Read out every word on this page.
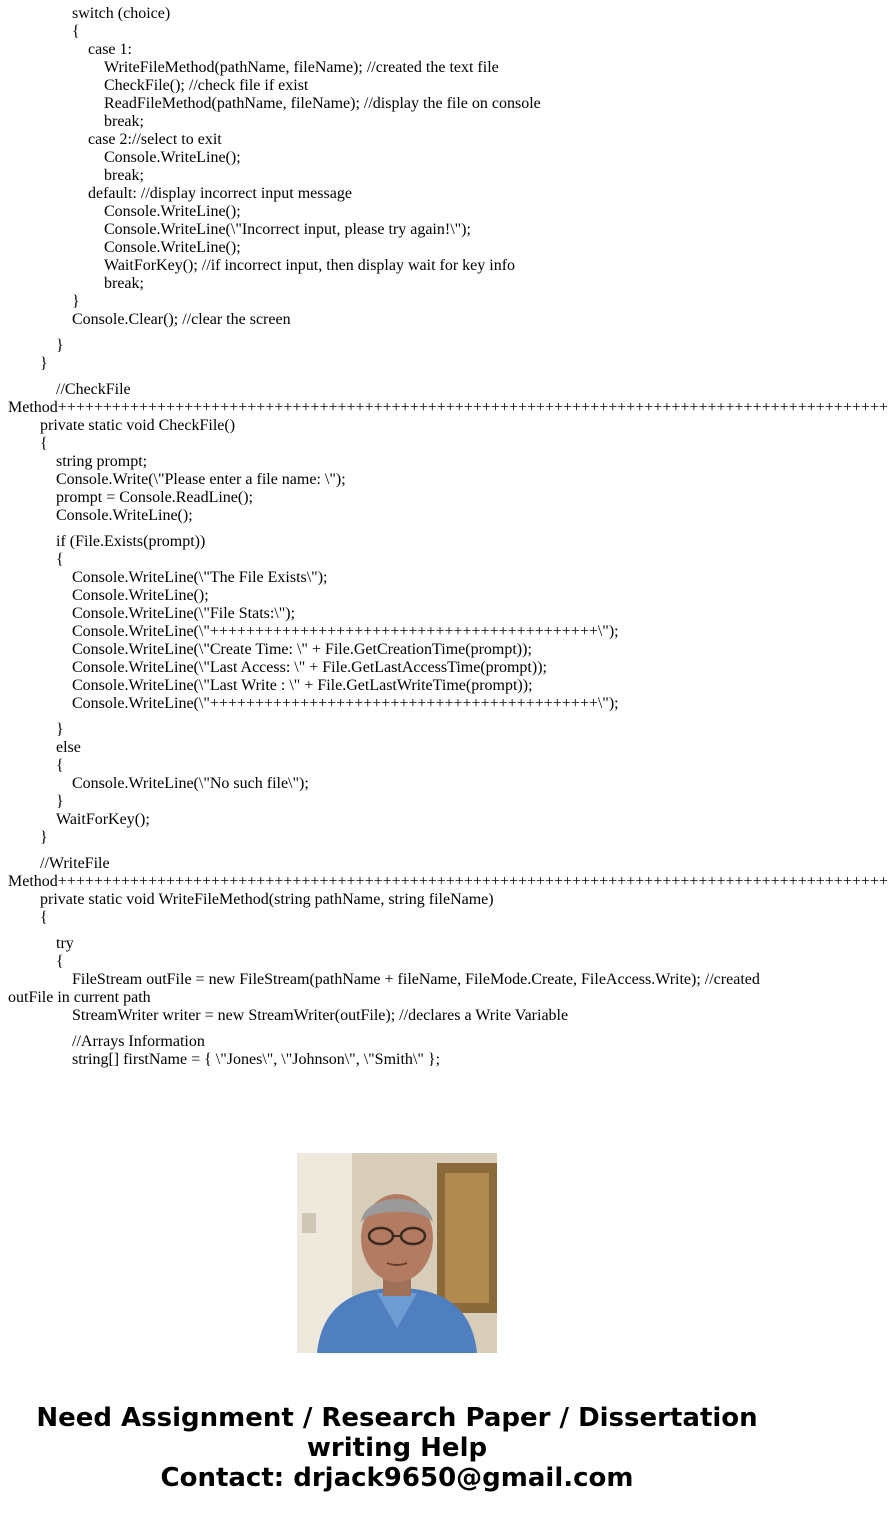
switch (choice)
{
case 1:
WriteFileMethod(pathName, fileName); //created the text file
CheckFile(); //check file if exist
ReadFileMethod(pathName, fileName); //display the file on console
break;
case 2://select to exit
Console.WriteLine();
break;
default: //display incorrect input message
Console.WriteLine();
Console.WriteLine(\"Incorrect input, please try again!\");
Console.WriteLine();
WaitForKey(); //if incorrect input, then display wait for key info
break;
}
Console.Clear(); //clear the screen
}
}
//CheckFile
Method++++++++++++++++++++++++++++++++++++++++++++++++++++++++++++++++++++++++++++++++++++++++++++
private static void CheckFile()
{
string prompt;
Console.Write(\"Please enter a file name: \");
prompt = Console.ReadLine();
Console.WriteLine();
if (File.Exists(prompt))
{
Console.WriteLine(\"The File Exists\");
Console.WriteLine();
Console.WriteLine(\"File Stats:\");
Console.WriteLine(\"+++++++++++++++++++++++++++++++++++++++++++\");
Console.WriteLine(\"Create Time: \" + File.GetCreationTime(prompt));
Console.WriteLine(\"Last Access: \" + File.GetLastAccessTime(prompt));
Console.WriteLine(\"Last Write : \" + File.GetLastWriteTime(prompt));
Console.WriteLine(\"+++++++++++++++++++++++++++++++++++++++++++\");
}
else
{
Console.WriteLine(\"No such file\");
}
WaitForKey();
}
//WriteFile
Method++++++++++++++++++++++++++++++++++++++++++++++++++++++++++++++++++++++++++++++++++++++++++++
private static void WriteFileMethod(string pathName, string fileName)
{
try
{
FileStream outFile = new FileStream(pathName + fileName, FileMode.Create, FileAccess.Write); //created
outFile in current path
StreamWriter writer = new StreamWriter(outFile); //declares a Write Variable
//Arrays Information
string[] firstName = { \"Jones\", \"Johnson\", \"Smith\" };
Need Assignment / Research Paper / Dissertation
writing Help
Contact: drjack9650@gmail.com
